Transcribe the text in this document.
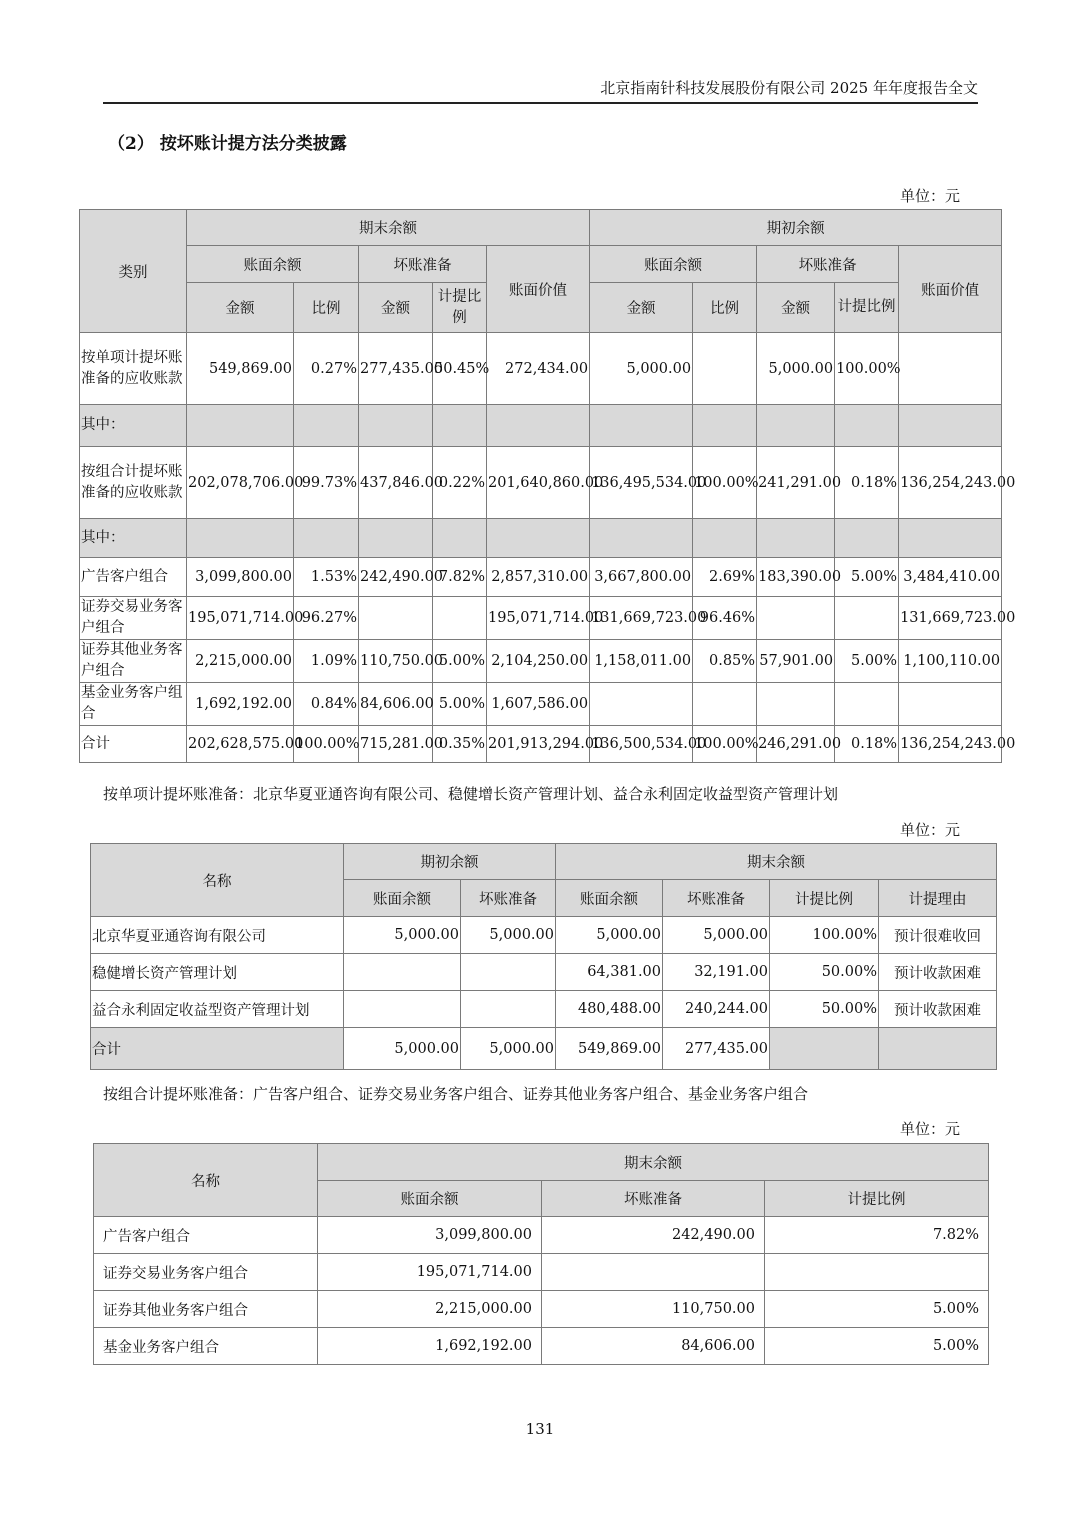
北京指南针科技发展股份有限公司 2025 年年度报告全文
（2） 按坏账计提方法分类披露
单位：元
类别	期末余额					期初余额				
	账面余额		坏账准备		账面价值	账面余额		坏账准备		账面价值
	金额	比例	金额	计提比例		金额	比例	金额	计提比例	
按单项计提坏账准备的应收账款	549,869.00	0.27%	277,435.00	50.45%	272,434.00	5,000.00		5,000.00	100.00%	
其中：										
按组合计提坏账准备的应收账款	202,078,706.00	99.73%	437,846.00	0.22%	201,640,860.00	136,495,534.00	100.00%	241,291.00	0.18%	136,254,243.00
其中：										
广告客户组合	3,099,800.00	1.53%	242,490.00	7.82%	2,857,310.00	3,667,800.00	2.69%	183,390.00	5.00%	3,484,410.00
证券交易业务客户组合	195,071,714.00	96.27%			195,071,714.00	131,669,723.00	96.46%			131,669,723.00
证券其他业务客户组合	2,215,000.00	1.09%	110,750.00	5.00%	2,104,250.00	1,158,011.00	0.85%	57,901.00	5.00%	1,100,110.00
基金业务客户组合	1,692,192.00	0.84%	84,606.00	5.00%	1,607,586.00					
合计	202,628,575.00	100.00%	715,281.00	0.35%	201,913,294.00	136,500,534.00	100.00%	246,291.00	0.18%	136,254,243.00
按单项计提坏账准备：北京华夏亚通咨询有限公司、稳健增长资产管理计划、益合永利固定收益型资产管理计划
单位：元
名称	期初余额		期末余额			
	账面余额	坏账准备	账面余额	坏账准备	计提比例	计提理由
北京华夏亚通咨询有限公司	5,000.00	5,000.00	5,000.00	5,000.00	100.00%	预计很难收回
稳健增长资产管理计划			64,381.00	32,191.00	50.00%	预计收款困难
益合永利固定收益型资产管理计划			480,488.00	240,244.00	50.00%	预计收款困难
合计	5,000.00	5,000.00	549,869.00	277,435.00		
按组合计提坏账准备：广告客户组合、证券交易业务客户组合、证券其他业务客户组合、基金业务客户组合
单位：元
名称	期末余额		
	账面余额	坏账准备	计提比例
广告客户组合	3,099,800.00	242,490.00	7.82%
证券交易业务客户组合	195,071,714.00		
证券其他业务客户组合	2,215,000.00	110,750.00	5.00%
基金业务客户组合	1,692,192.00	84,606.00	5.00%
131
